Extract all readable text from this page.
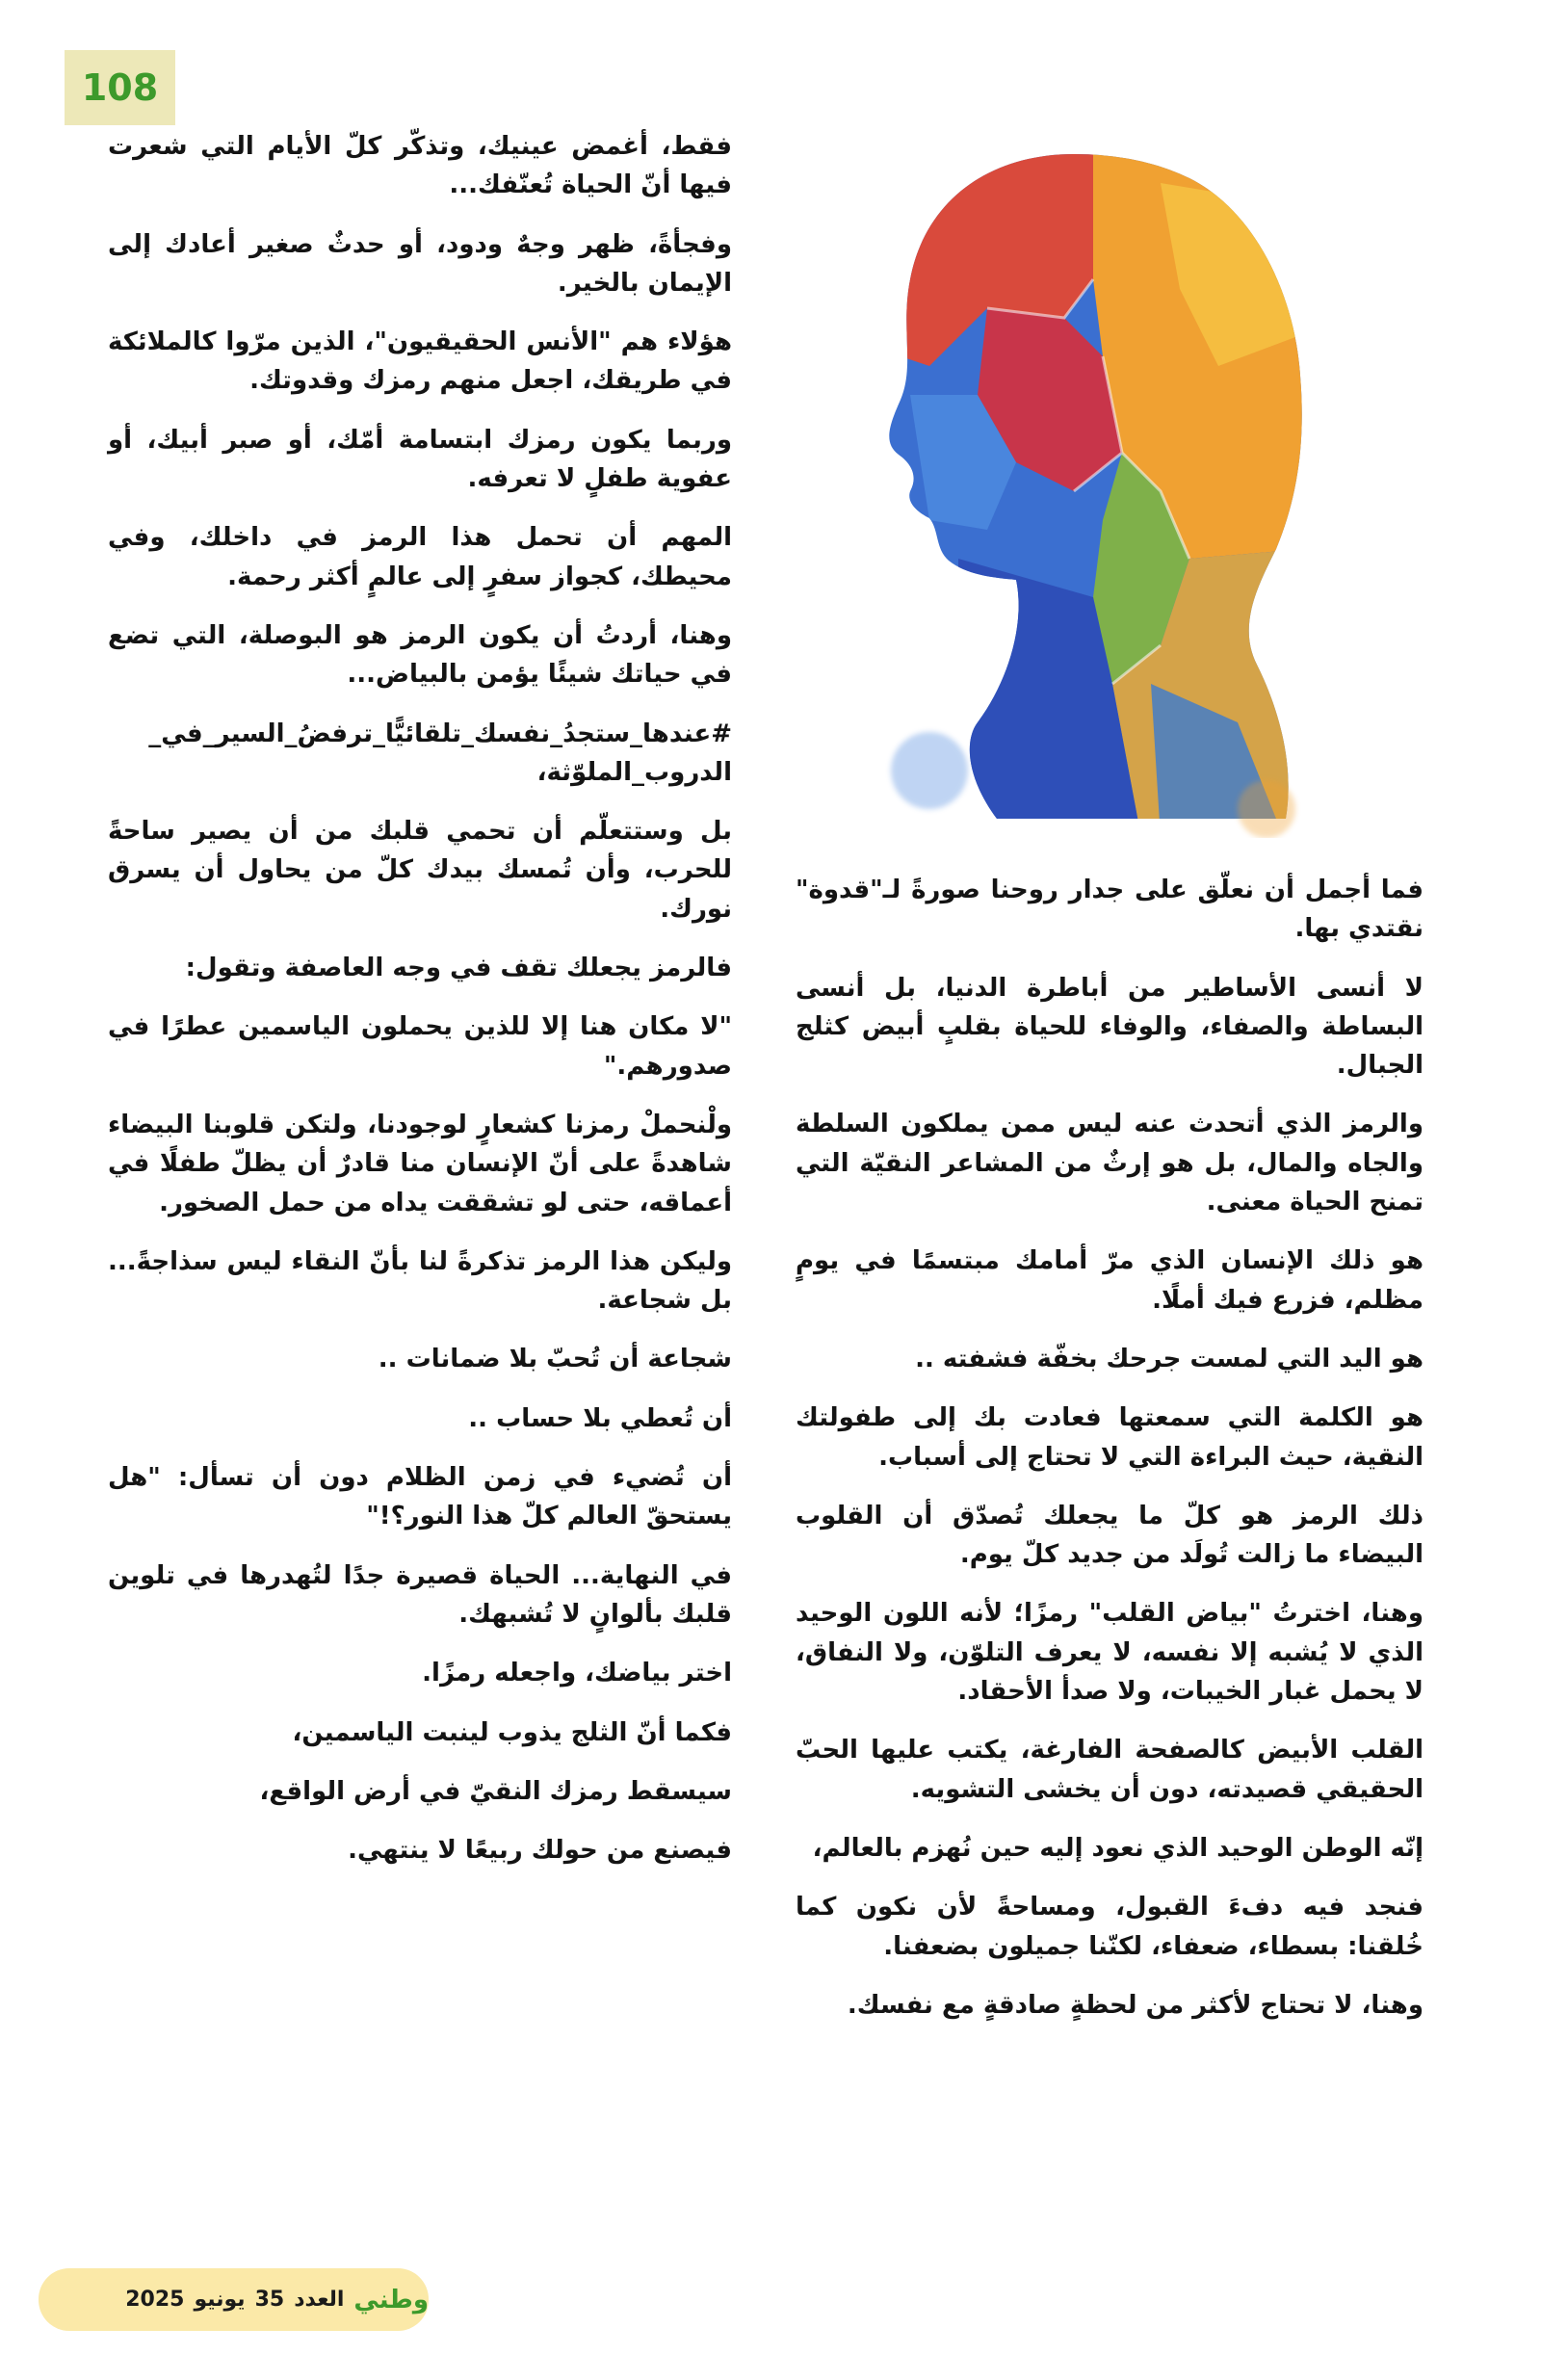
108

فقط، أغمض عينيك، وتذكّر كلّ الأيام التي شعرت فيها أنّ الحياة تُعنّفك...

وفجأةً، ظهر وجهٌ ودود، أو حدثٌ صغير أعادك إلى الإيمان بالخير.

هؤلاء هم "الأنس الحقيقيون"، الذين مرّوا كالملائكة في طريقك، اجعل منهم رمزك وقدوتك.

وربما يكون رمزك ابتسامة أمّك، أو صبر أبيك، أو عفوية طفلٍ لا تعرفه.

المهم أن تحمل هذا الرمز في داخلك، وفي محيطك، كجواز سفرٍ إلى عالمٍ أكثر رحمة.

وهنا، أردتُ أن يكون الرمز هو البوصلة، التي تضع في حياتك شيئًا يؤمن بالبياض...

#عندها_ستجدُ_نفسك_تلقائيًّا_ترفضُ_السير_في_ الدروب_الملوّثة،

بل وستتعلّم أن تحمي قلبك من أن يصير ساحةً للحرب، وأن تُمسك بيدك كلّ من يحاول أن يسرق نورك.

فالرمز يجعلك تقف في وجه العاصفة وتقول:

"لا مكان هنا إلا للذين يحملون الياسمين عطرًا في صدورهم."

ولْنحملْ رمزنا كشعارٍ لوجودنا، ولتكن قلوبنا البيضاء شاهدةً على أنّ الإنسان منا قادرٌ أن يظلّ طفلًا في أعماقه، حتى لو تشققت يداه من حمل الصخور.

وليكن هذا الرمز تذكرةً لنا بأنّ النقاء ليس سذاجةً... بل شجاعة.

شجاعة أن تُحبّ بلا ضمانات ..

أن تُعطي بلا حساب ..

أن تُضيء في زمن الظلام دون أن تسأل: "هل يستحقّ العالم كلّ هذا النور؟!"

في النهاية... الحياة قصيرة جدًا لتُهدرها في تلوين قلبك بألوانٍ لا تُشبهك.

اختر بياضك، واجعله رمزًا.

فكما أنّ الثلج يذوب لينبت الياسمين،

سيسقط رمزك النقيّ في أرض الواقع،

فيصنع من حولك ربيعًا لا ينتهي.

فما أجمل أن نعلّق على جدار روحنا صورةً لـ"قدوة" نقتدي بها.

لا أنسى الأساطير من أباطرة الدنيا، بل أنسى البساطة والصفاء، والوفاء للحياة بقلبٍ أبيض كثلج الجبال.

والرمز الذي أتحدث عنه ليس ممن يملكون السلطة والجاه والمال، بل هو إرثٌ من المشاعر النقيّة التي تمنح الحياة معنى.

هو ذلك الإنسان الذي مرّ أمامك مبتسمًا في يومٍ مظلم، فزرع فيك أملًا.

هو اليد التي لمست جرحك بخفّة فشفته ..

هو الكلمة التي سمعتها فعادت بك إلى طفولتك النقية، حيث البراءة التي لا تحتاج إلى أسباب.

ذلك الرمز هو كلّ ما يجعلك تُصدّق أن القلوب البيضاء ما زالت تُولَد من جديد كلّ يوم.

وهنا، اخترتُ "بياض القلب" رمزًا؛ لأنه اللون الوحيد الذي لا يُشبه إلا نفسه، لا يعرف التلوّن، ولا النفاق، لا يحمل غبار الخيبات، ولا صدأ الأحقاد.

القلب الأبيض كالصفحة الفارغة، يكتب عليها الحبّ الحقيقي قصيدته، دون أن يخشى التشويه.

إنّه الوطن الوحيد الذي نعود إليه حين نُهزم بالعالم،

فنجد فيه دفءَ القبول، ومساحةً لأن نكون كما خُلقنا: بسطاء، ضعفاء، لكنّنا جميلون بضعفنا.

وهنا، لا تحتاج لأكثر من لحظةٍ صادقةٍ مع نفسك.

وطني
العدد
35
يونيو
2025
